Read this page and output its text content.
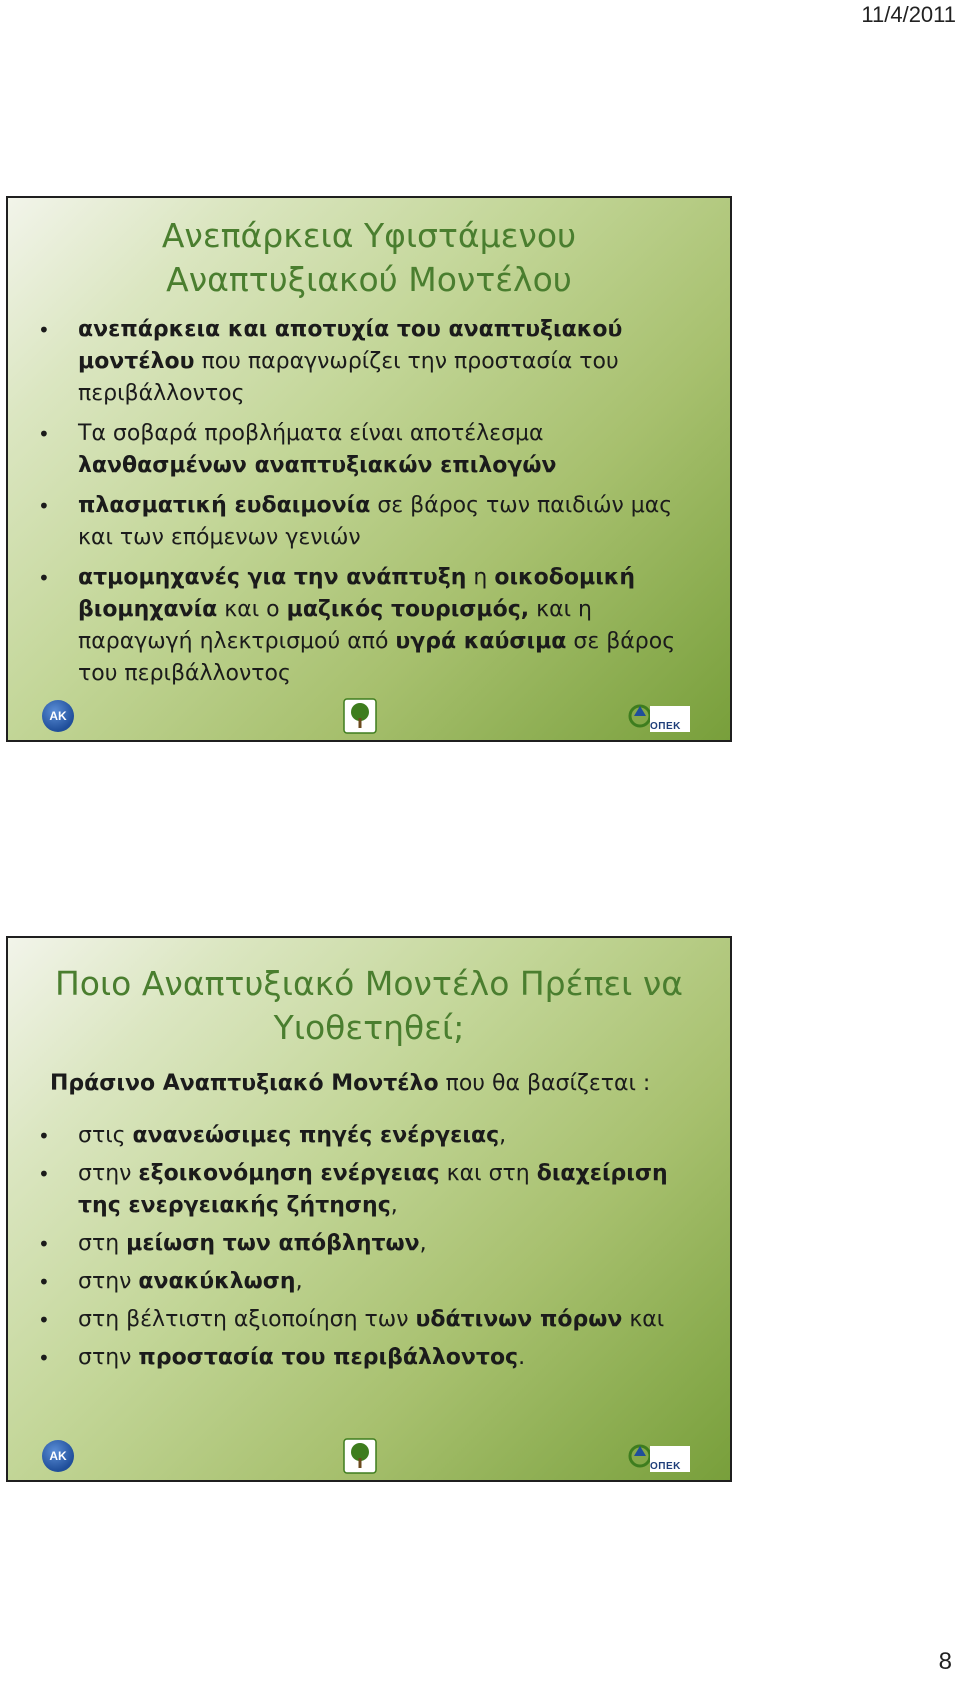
11/4/2011
Ανεπάρκεια Υφιστάμενου
Αναπτυξιακού Μοντέλου
• ανεπάρκεια και αποτυχία του αναπτυξιακού μοντέλου που παραγνωρίζει την προστασία του περιβάλλοντος
• Τα σοβαρά προβλήματα είναι αποτέλεσμα λανθασμένων αναπτυξιακών επιλογών
• πλασματική ευδαιμονία σε βάρος των παιδιών μας και των επόμενων γενιών
• ατμομηχανές για την ανάπτυξη η οικοδομική βιομηχανία και ο μαζικός τουρισμός, και η παραγωγή ηλεκτρισμού από υγρά καύσιμα σε βάρος του περιβάλλοντος
AK
ΟΠΕΚ
Ποιο Αναπτυξιακό Μοντέλο Πρέπει να
Υιοθετηθεί;
Πράσινο Αναπτυξιακό Μοντέλο που θα βασίζεται :
• στις ανανεώσιμες πηγές ενέργειας,
• στην εξοικονόμηση ενέργειας και στη διαχείριση της ενεργειακής ζήτησης,
• στη μείωση των απόβλητων,
• στην ανακύκλωση,
• στη βέλτιστη αξιοποίηση των υδάτινων πόρων και
• στην προστασία του περιβάλλοντος.
AK
ΟΠΕΚ
8
